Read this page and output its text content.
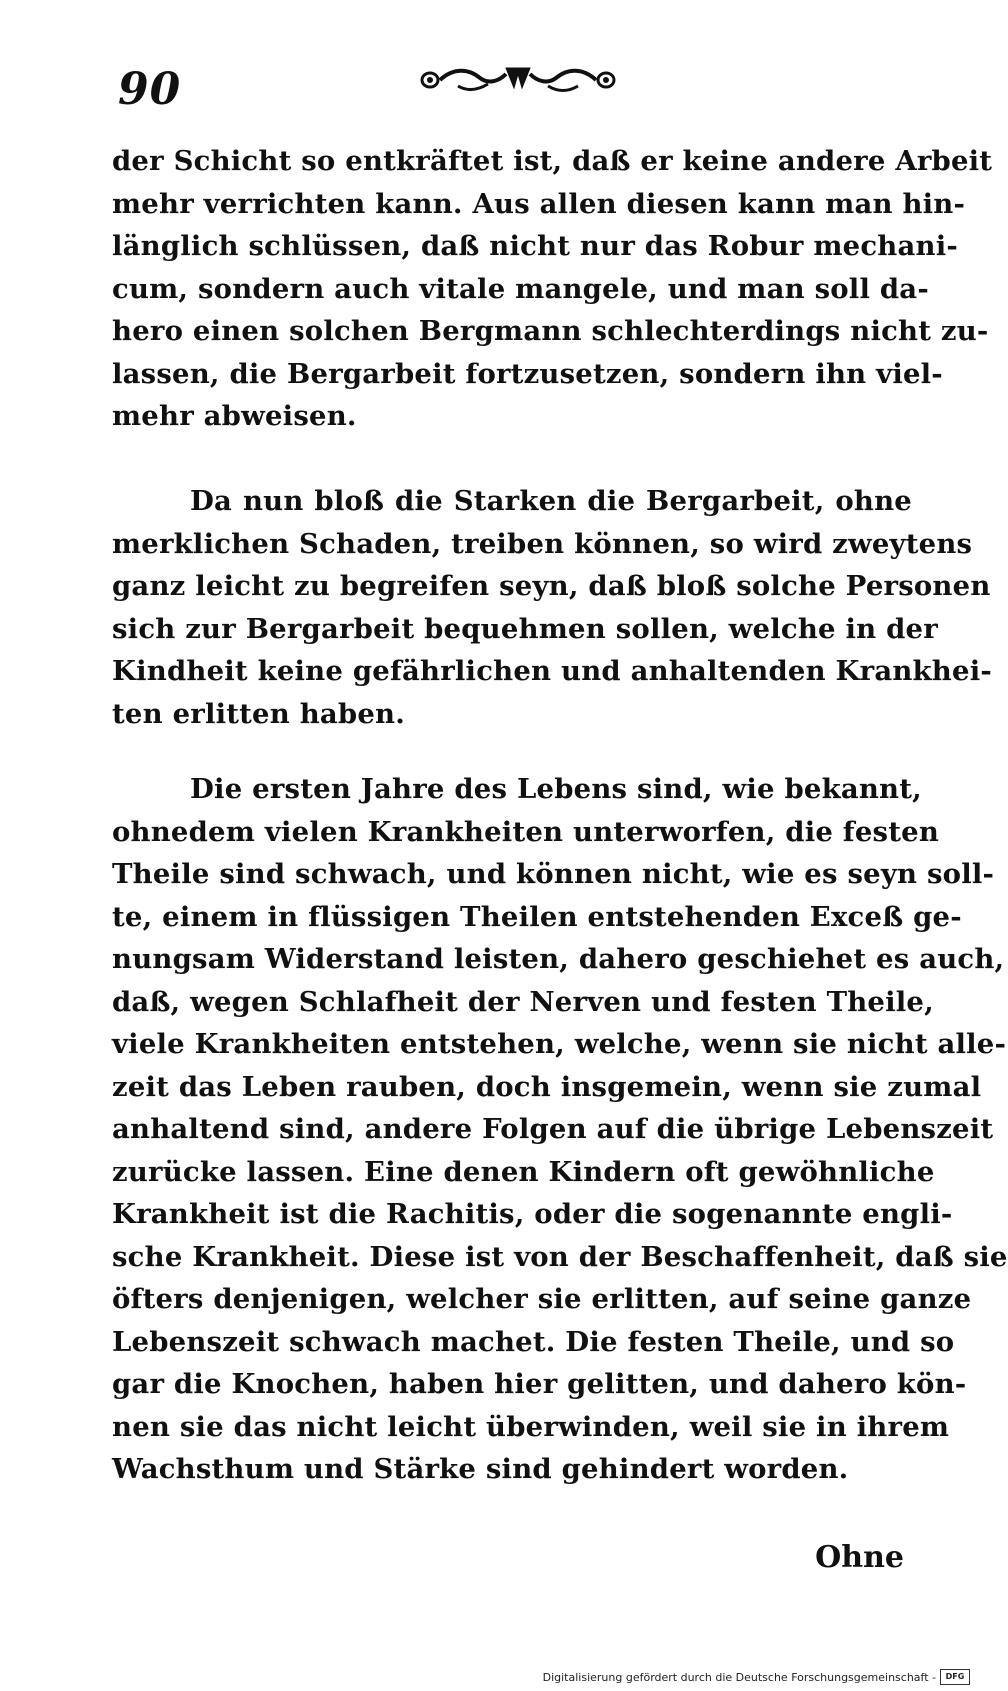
90
der Schicht so entkräftet ist, daß er keine andere Arbeit
mehr verrichten kann. Aus allen diesen kann man hin-
länglich schlüssen, daß nicht nur das Robur mechani-
cum, sondern auch vitale mangele, und man soll da-
hero einen solchen Bergmann schlechterdings nicht zu-
lassen, die Bergarbeit fortzusetzen, sondern ihn viel-
mehr abweisen.
Da nun bloß die Starken die Bergarbeit, ohne
merklichen Schaden, treiben können, so wird zweytens
ganz leicht zu begreifen seyn, daß bloß solche Personen
sich zur Bergarbeit bequehmen sollen, welche in der
Kindheit keine gefährlichen und anhaltenden Krankhei-
ten erlitten haben.
Die ersten Jahre des Lebens sind, wie bekannt,
ohnedem vielen Krankheiten unterworfen, die festen
Theile sind schwach, und können nicht, wie es seyn soll-
te, einem in flüssigen Theilen entstehenden Exceß ge-
nungsam Widerstand leisten, dahero geschiehet es auch,
daß, wegen Schlafheit der Nerven und festen Theile,
viele Krankheiten entstehen, welche, wenn sie nicht alle-
zeit das Leben rauben, doch insgemein, wenn sie zumal
anhaltend sind, andere Folgen auf die übrige Lebenszeit
zurücke lassen. Eine denen Kindern oft gewöhnliche
Krankheit ist die Rachitis, oder die sogenannte engli-
sche Krankheit. Diese ist von der Beschaffenheit, daß sie
öfters denjenigen, welcher sie erlitten, auf seine ganze
Lebenszeit schwach machet. Die festen Theile, und so
gar die Knochen, haben hier gelitten, und dahero kön-
nen sie das nicht leicht überwinden, weil sie in ihrem
Wachsthum und Stärke sind gehindert worden.
Ohne
Digitalisierung gefördert durch die Deutsche Forschungsgemeinschaft -	DFG
